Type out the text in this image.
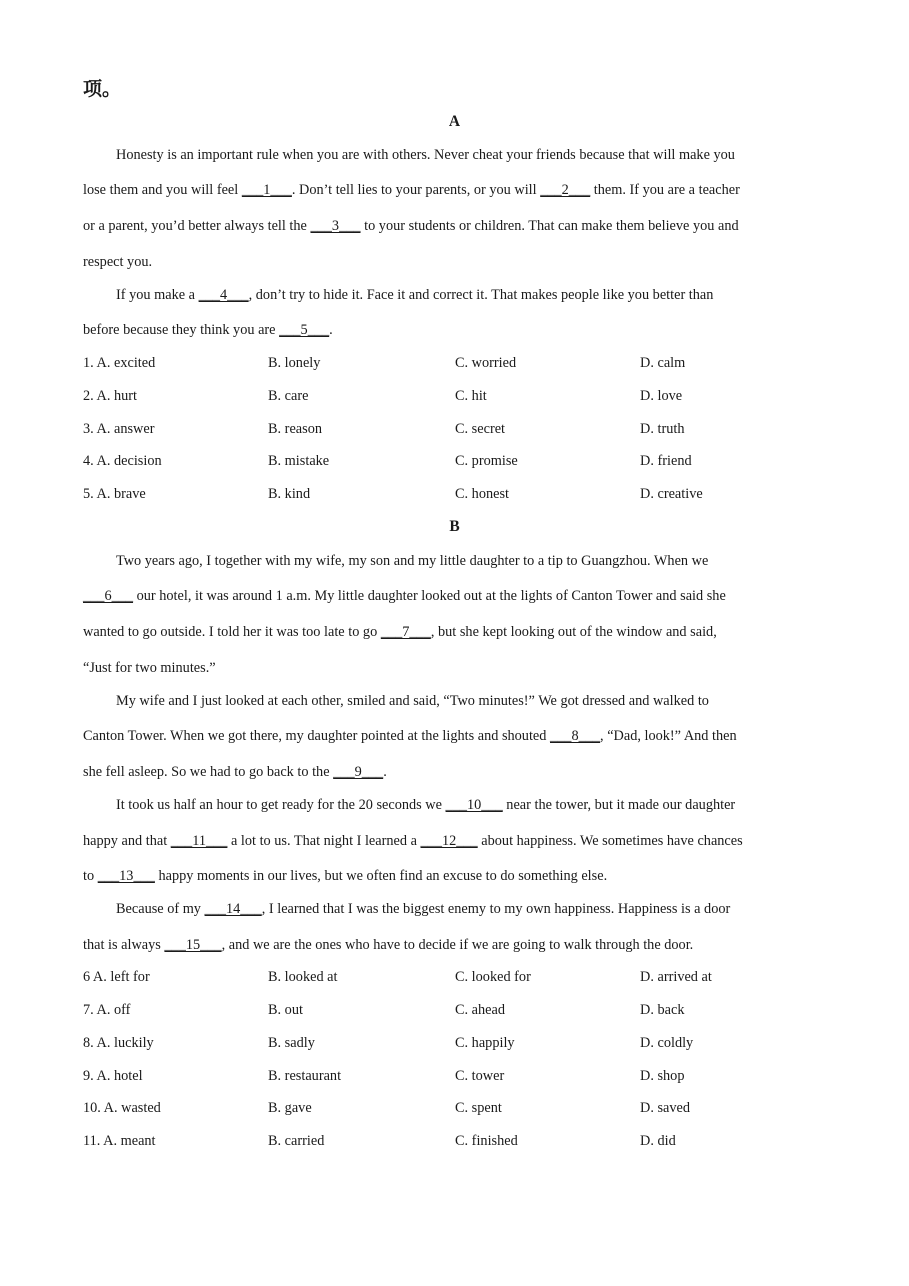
项。
A
Honesty is an important rule when you are with others. Never cheat your friends because that will make you
lose them and you will feel ___1___. Don’t tell lies to your parents, or you will ___2___ them. If you are a teacher
or a parent, you’d better always tell the ___3___ to your students or children. That can make them believe you and
respect you.
If you make a ___4___, don’t try to hide it. Face it and correct it. That makes people like you better than
before because they think you are ___5___.
1. A. excited	B. lonely	C. worried	D. calm
2. A. hurt	B. care	C. hit	D. love
3. A. answer	B. reason	C. secret	D. truth
4. A. decision	B. mistake	C. promise	D. friend
5. A. brave	B. kind	C. honest	D. creative
B
Two years ago, I together with my wife, my son and my little daughter to a tip to Guangzhou. When we
___6___ our hotel, it was around 1 a.m. My little daughter looked out at the lights of Canton Tower and said she
wanted to go outside. I told her it was too late to go ___7___, but she kept looking out of the window and said,
“Just for two minutes.”
My wife and I just looked at each other, smiled and said, “Two minutes!” We got dressed and walked to
Canton Tower. When we got there, my daughter pointed at the lights and shouted ___8___, “Dad, look!” And then
she fell asleep. So we had to go back to the ___9___.
It took us half an hour to get ready for the 20 seconds we ___10___ near the tower, but it made our daughter
happy and that ___11___ a lot to us. That night I learned a ___12___ about happiness. We sometimes have chances
to ___13___ happy moments in our lives, but we often find an excuse to do something else.
Because of my ___14___, I learned that I was the biggest enemy to my own happiness. Happiness is a door
that is always ___15___, and we are the ones who have to decide if we are going to walk through the door.
6 A. left for	B. looked at	C. looked for	D. arrived at
7. A. off	B. out	C. ahead	D. back
8. A. luckily	B. sadly	C. happily	D. coldly
9. A. hotel	B. restaurant	C. tower	D. shop
10. A. wasted	B. gave	C. spent	D. saved
11. A. meant	B. carried	C. finished	D. did
